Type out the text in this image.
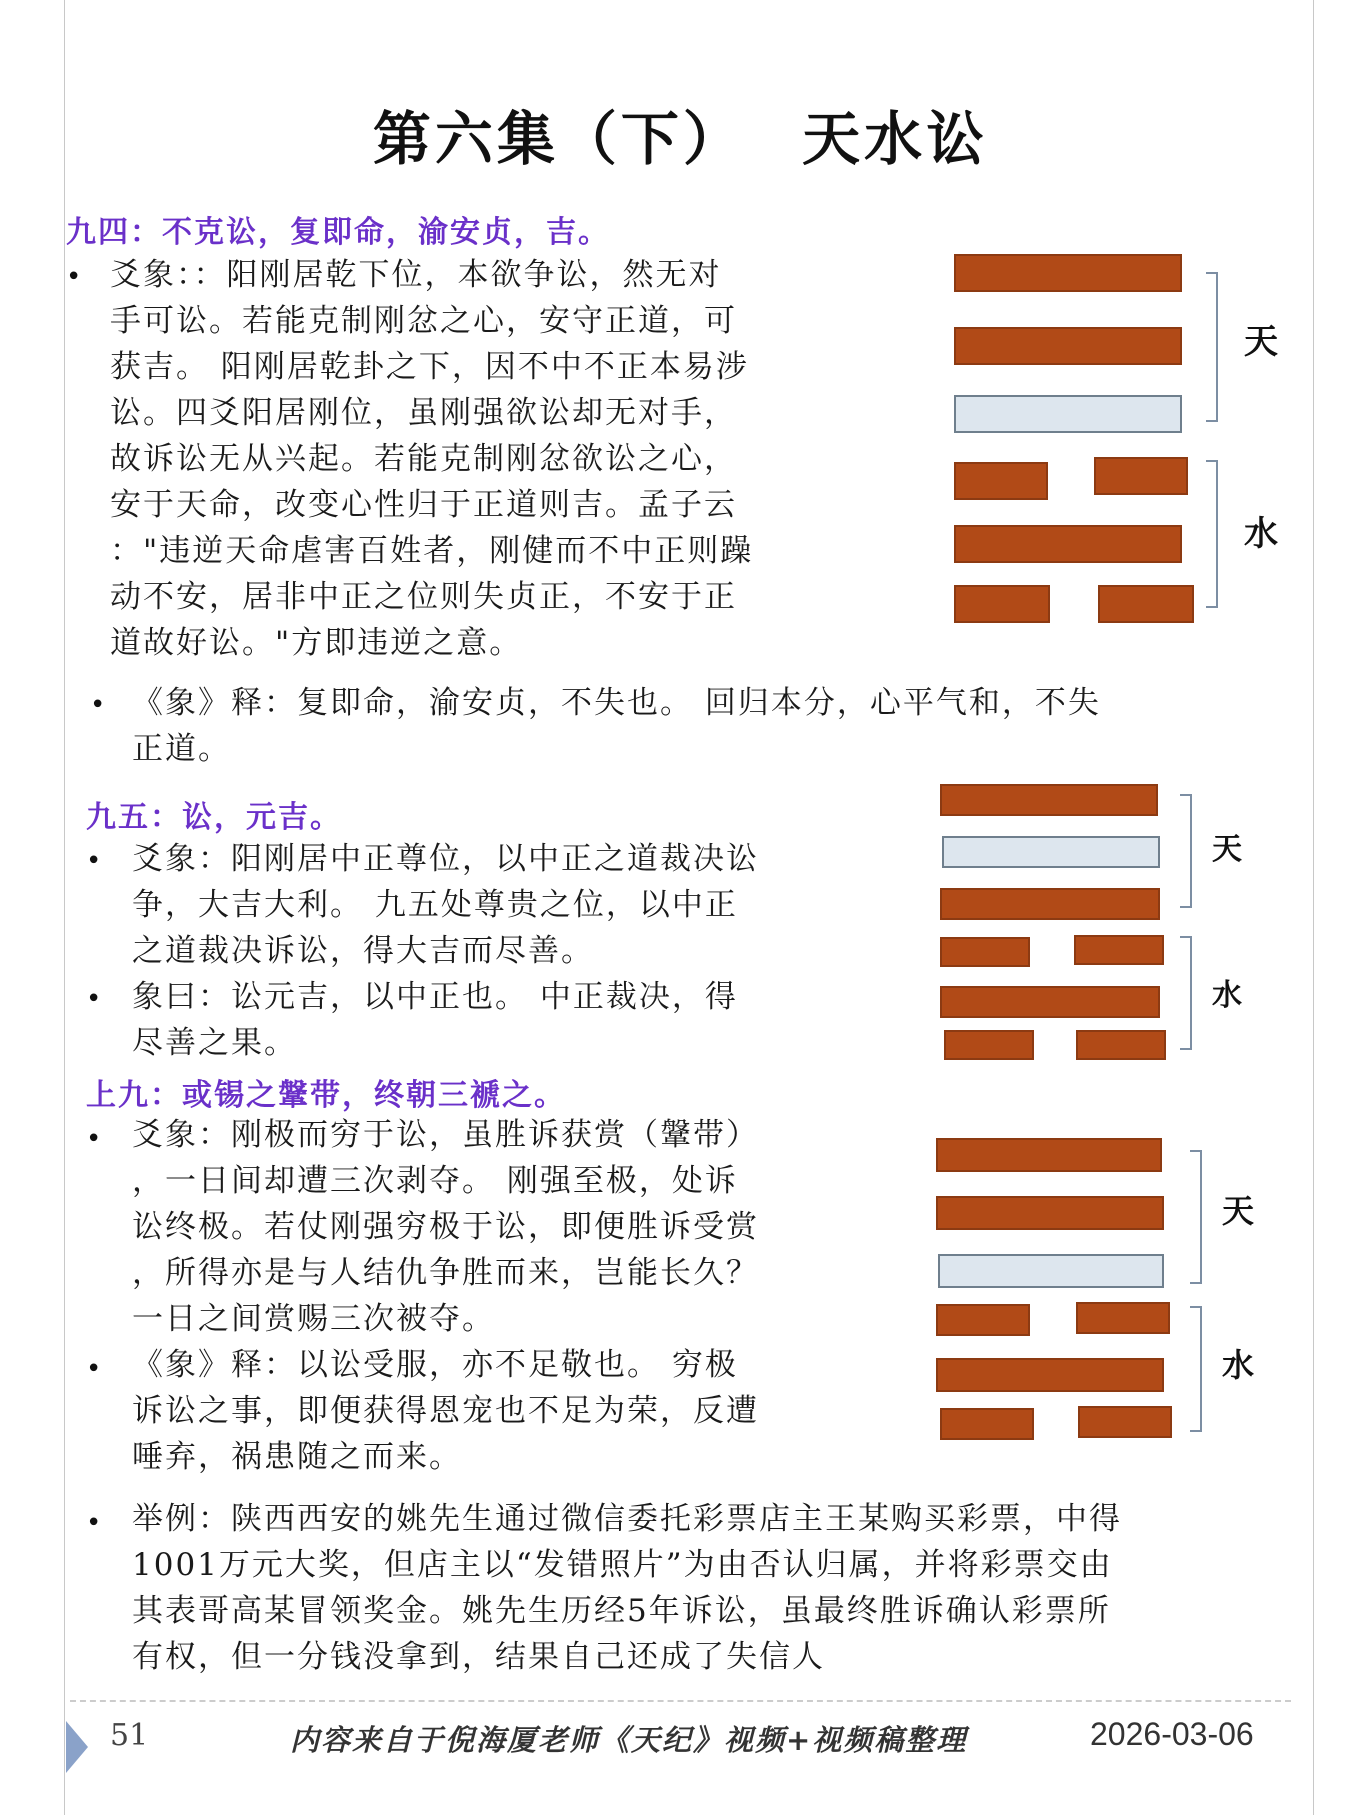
第六集（下）　 天水讼
九四：不克讼，复即命，渝安贞，吉。
• 爻象：：阳刚居乾下位，本欲争讼，然无对
手可讼。若能克制刚忿之心，安守正道，可
获吉。 阳刚居乾卦之下，因不中不正本易涉
讼。四爻阳居刚位，虽刚强欲讼却无对手，
故诉讼无从兴起。若能克制刚忿欲讼之心，
安于天命，改变心性归于正道则吉。孟子云
："违逆天命虐害百姓者，刚健而不中正则躁
动不安，居非中正之位则失贞正，不安于正
道故好讼。"方即违逆之意。
• 《象》释：复即命，渝安贞，不失也。 回归本分，心平气和，不失
正道。
九五：讼，元吉。
• 爻象：阳刚居中正尊位，以中正之道裁决讼
争，大吉大利。 九五处尊贵之位，以中正
之道裁决诉讼，得大吉而尽善。
• 象曰：讼元吉，以中正也。 中正裁决，得
尽善之果。
上九：或锡之鞶带，终朝三褫之。
• 爻象：刚极而穷于讼，虽胜诉获赏（鞶带）
，一日间却遭三次剥夺。 刚强至极，处诉
讼终极。若仗刚强穷极于讼，即便胜诉受赏
，所得亦是与人结仇争胜而来，岂能长久？
一日之间赏赐三次被夺。
• 《象》释：以讼受服，亦不足敬也。 穷极
诉讼之事，即便获得恩宠也不足为荣，反遭
唾弃，祸患随之而来。
• 举例：陕西西安的姚先生通过微信委托彩票店主王某购买彩票，中得
1001万元大奖，但店主以“发错照片”为由否认归属，并将彩票交由
其表哥高某冒领奖金。姚先生历经5年诉讼，虽最终胜诉确认彩票所
有权，但一分钱没拿到，结果自己还成了失信人
天
水
天
水
天
水
51	内容来自于倪海厦老师《天纪》视频+视频稿整理	2026-03-06
